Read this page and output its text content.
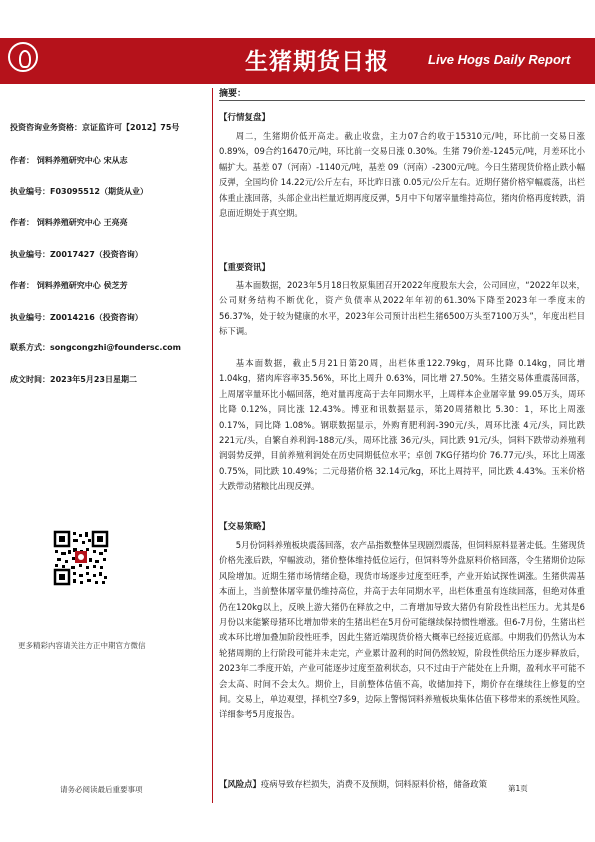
生猪期货日报	Live Hogs Daily Report
投资咨询业务资格：京证监许可【2012】75号
作者： 饲料养殖研究中心 宋从志
执业编号：F03095512（期货从业）
作者： 饲料养殖研究中心 王亮亮
执业编号：Z0017427（投资咨询）
作者： 饲料养殖研究中心 侯芝芳
执业编号：Z0014216（投资咨询）
联系方式：songcongzhi@foundersc.com
成文时间：2023年5月23日星期二
更多精彩内容请关注方正中期官方微信
请务必阅读最后重要事项
摘要：
【行情复盘】

周二，生猪期价低开高走。截止收盘，主力07合约收于15310元/吨，环比前一交易日涨 0.89%，09合约16470元/吨，环比前一交易日涨 0.30%。生猪 79价差-1245元/吨，月差环比小幅扩大。基差 07（河南）-1140元/吨，基差 09（河南）-2300元/吨。今日生猪现货价格止跌小幅反弹，全国均价 14.22元/公斤左右，环比昨日涨 0.05元/公斤左右。近期仔猪价格窄幅震荡，出栏体重止涨回落，头部企业出栏量近期再度反弹，5月中下旬屠宰量维持高位，猪肉价格再度转跌，消息面近期处于真空期。

【重要资讯】

基本面数据，2023年5月18日牧原集团召开2022年度股东大会，公司回应，“2022年以来，公司财务结构不断优化，资产负债率从2022年年初的61.30%下降至2023年一季度末的56.37%，处于较为健康的水平，2023年公司预计出栏生猪6500万头至7100万头”，年度出栏目标下调。

基本面数据，截止5月21日第20周，出栏体重122.79kg，周环比降 0.14kg，同比增 1.04kg，猪肉库容率35.56%，环比上周升 0.63%，同比增 27.50%。生猪交易体重震荡回落，上周屠宰量环比小幅回落，绝对量再度高于去年同期水平，上周样本企业屠宰量 99.05万头，周环比降 0.12%，同比涨 12.43%。博亚和讯数据显示，第20周猪粮比 5.30：1，环比上周涨 0.17%，同比降 1.08%。钢联数据显示，外购育肥利润-390元/头，周环比涨 4元/头，同比跌 221元/头，自繁自养利润-188元/头，周环比涨 36元/头，同比跌 91元/头，饲料下跌带动养殖利润弱势反弹，目前养殖利润处在历史同期低位水平；卓创 7KG仔猪均价 76.77元/头，环比上周涨 0.75%，同比跌 10.49%；二元母猪价格 32.14元/kg，环比上周持平，同比跌 4.43%。玉米价格大跌带动猪粮比出现反弹。

【交易策略】

5月份饲料养殖板块震荡回落，农产品指数整体呈现剧烈震荡，但饲料原料显著走低。生猪现货价格先涨后跌，窄幅波动，猪价整体维持低位运行，但饲料等外盘原料价格回落，令生猪期价边际风险增加。近期生猪市场情绪企稳，现货市场逐步过度至旺季，产业开始试探性调涨。生猪供需基本面上，当前整体屠宰量仍维持高位，并高于去年同期水平，出栏体重虽有连续回落，但绝对体重仍在120kg以上，反映上游大猪仍在释放之中，二育增加导致大猪仍有阶段性出栏压力。尤其是6月份以来能繁母猪环比增加带来的生猪出栏在5月份可能继续保持惯性增涨。但6-7月份，生猪出栏或本环比增加叠加阶段性旺季，因此生猪近端现货价格大概率已经接近底部。中期我们仍然认为本轮猪周期的上行阶段可能并未走完，产业累计盈利的时间仍然较短，阶段性供给压力逐步释放后，2023年二季度开始，产业可能逐步过度至盈利状态，只不过由于产能处在上升期，盈利水平可能不会太高、时间不会太久。期价上，目前整体估值不高，收储加持下，期价存在继续往上修复的空间。交易上，单边观望，择机空7多9，边际上警惕饲料养殖板块集体估值下移带来的系统性风险。详细参考5月度报告。

【风险点】疫病导致存栏损失，消费不及预期，饲料原料价格，储备政策	第1页
